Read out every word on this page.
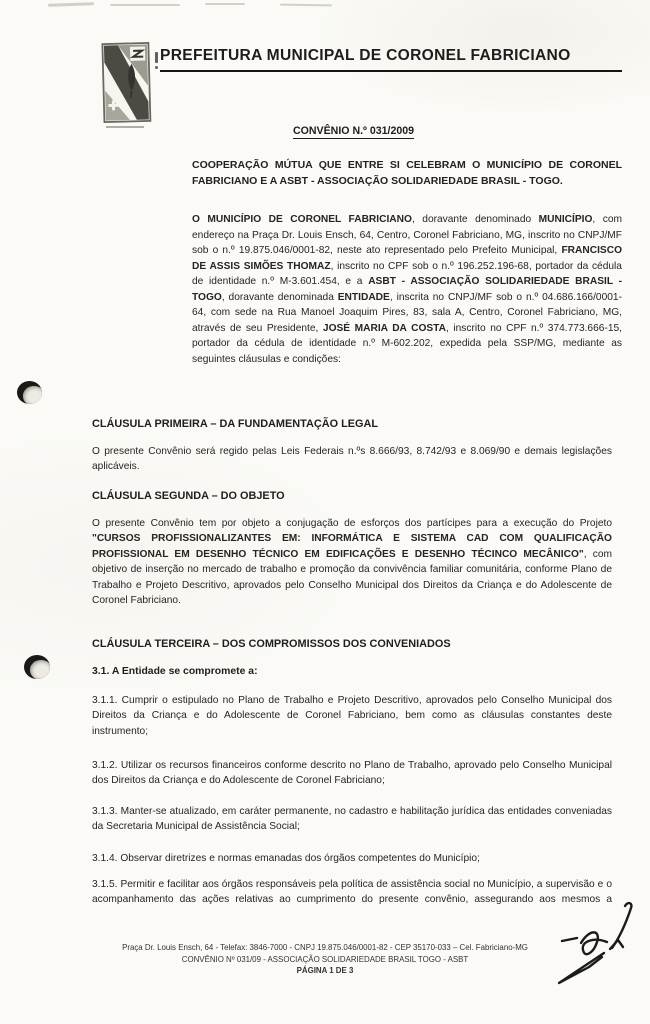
PREFEITURA MUNICIPAL DE CORONEL FABRICIANO
CONVÊNIO N.º 031/2009
COOPERAÇÃO MÚTUA QUE ENTRE SI CELEBRAM O MUNICÍPIO DE CORONEL FABRICIANO E A ASBT - ASSOCIAÇÃO SOLIDARIEDADE BRASIL - TOGO.
O MUNICÍPIO DE CORONEL FABRICIANO, doravante denominado MUNICÍPIO, com endereço na Praça Dr. Louis Ensch, 64, Centro, Coronel Fabriciano, MG, inscrito no CNPJ/MF sob o n.º 19.875.046/0001-82, neste ato representado pelo Prefeito Municipal, FRANCISCO DE ASSIS SIMÕES THOMAZ, inscrito no CPF sob o n.º 196.252.196-68, portador da cédula de identidade n.º M-3.601.454, e a ASBT - ASSOCIAÇÃO SOLIDARIEDADE BRASIL - TOGO, doravante denominada ENTIDADE, inscrita no CNPJ/MF sob o n.º 04.686.166/0001-64, com sede na Rua Manoel Joaquim Pires, 83, sala A, Centro, Coronel Fabriciano, MG, através de seu Presidente, JOSÉ MARIA DA COSTA, inscrito no CPF n.º 374.773.666-15, portador da cédula de identidade n.º M-602.202, expedida pela SSP/MG, mediante as seguintes cláusulas e condições:
CLÁUSULA PRIMEIRA – DA FUNDAMENTAÇÃO LEGAL
O presente Convênio será regido pelas Leis Federais n.ºs 8.666/93, 8.742/93 e 8.069/90 e demais legislações aplicáveis.
CLÁUSULA SEGUNDA – DO OBJETO
O presente Convênio tem por objeto a conjugação de esforços dos partícipes para a execução do Projeto "CURSOS PROFISSIONALIZANTES EM: INFORMÁTICA E SISTEMA CAD COM QUALIFICAÇÃO PROFISSIONAL EM DESENHO TÉCNICO EM EDIFICAÇÕES E DESENHO TÉCINCO MECÂNICO", com objetivo de inserção no mercado de trabalho e promoção da convivência familiar comunitária, conforme Plano de Trabalho e Projeto Descritivo, aprovados pelo Conselho Municipal dos Direitos da Criança e do Adolescente de Coronel Fabriciano.
CLÁUSULA TERCEIRA – DOS COMPROMISSOS DOS CONVENIADOS
3.1. A Entidade se compromete a:
3.1.1. Cumprir o estipulado no Plano de Trabalho e Projeto Descritivo, aprovados pelo Conselho Municipal dos Direitos da Criança e do Adolescente de Coronel Fabriciano, bem como as cláusulas constantes deste instrumento;
3.1.2. Utilizar os recursos financeiros conforme descrito no Plano de Trabalho, aprovado pelo Conselho Municipal dos Direitos da Criança e do Adolescente de Coronel Fabriciano;
3.1.3. Manter-se atualizado, em caráter permanente, no cadastro e habilitação jurídica das entidades conveniadas da Secretaria Municipal de Assistência Social;
3.1.4. Observar diretrizes e normas emanadas dos órgãos competentes do Município;
3.1.5. Permitir e facilitar aos órgãos responsáveis pela política de assistência social no Município, a supervisão e o acompanhamento das ações relativas ao cumprimento do presente convênio, assegurando aos mesmos a
Praça Dr. Louis Ensch, 64 - Telefax: 3846-7000 - CNPJ 19.875.046/0001-82 - CEP 35170-033 – Cel. Fabriciano-MG
CONVÊNIO Nº 031/09 - ASSOCIAÇÃO SOLIDARIEDADE BRASIL TOGO - ASBT
PÁGINA 1 DE 3
